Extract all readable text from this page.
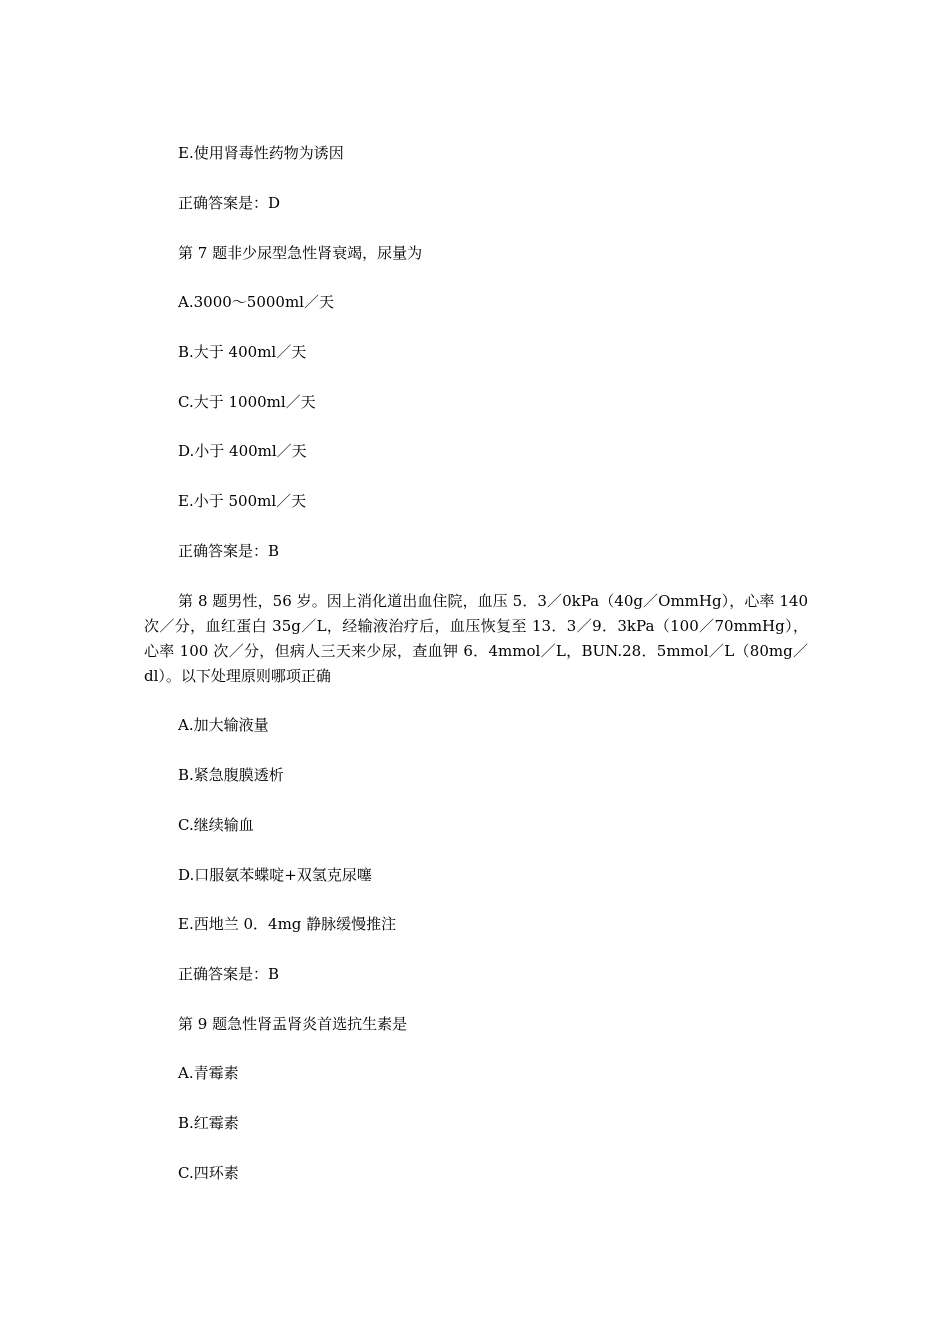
E.使用肾毒性药物为诱因
正确答案是：D
第 7 题非少尿型急性肾衰竭，尿量为
A.3000～5000ml／天
B.大于 400ml／天
C.大于 1000ml／天
D.小于 400ml／天
E.小于 500ml／天
正确答案是：B
第 8 题男性，56 岁。因上消化道出血住院，血压 5．3／0kPa（40g／OmmHg），心率 140 次／分，血红蛋白 35g／L，经输液治疗后，血压恢复至 13．3／9．3kPa（100／70mmHg），心率 100 次／分，但病人三天来少尿，查血钾 6．4mmol／L，BUN.28．5mmol／L（80mg／dl）。以下处理原则哪项正确
A.加大输液量
B.紧急腹膜透析
C.继续输血
D.口服氨苯蝶啶+双氢克尿噻
E.西地兰 0．4mg 静脉缓慢推注
正确答案是：B
第 9 题急性肾盂肾炎首选抗生素是
A.青霉素
B.红霉素
C.四环素
